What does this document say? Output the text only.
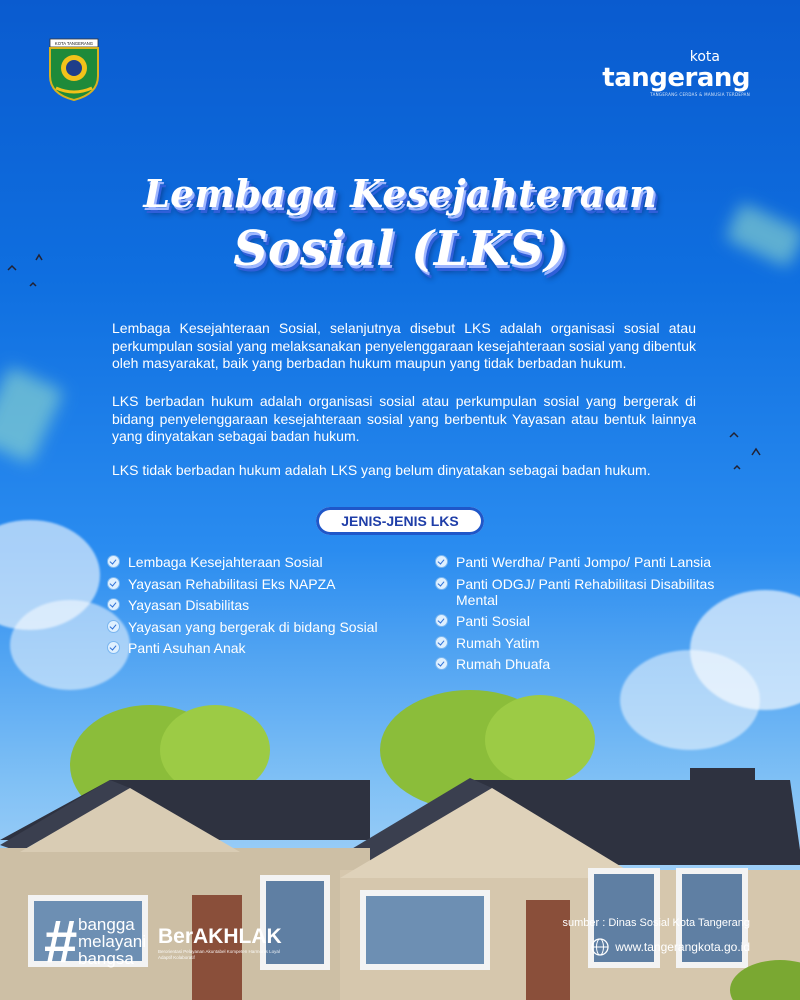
KOTA TANGERANG
kota
tangerang
TANGERANG CERDAS & MANUSIA TERDEPAN
Lembaga Kesejahteraan
Sosial (LKS)
Lembaga Kesejahteraan Sosial, selanjutnya disebut LKS adalah organisasi sosial atau perkumpulan sosial yang melaksanakan penyelenggaraan kesejahteraan sosial yang dibentuk oleh masyarakat, baik yang berbadan hukum maupun yang tidak berbadan hukum.
LKS berbadan hukum adalah organisasi sosial atau perkumpulan sosial yang bergerak di bidang penyelenggaraan kesejahteraan sosial yang berbentuk Yayasan atau bentuk lainnya yang dinyatakan sebagai badan hukum.
LKS tidak berbadan hukum adalah LKS yang belum dinyatakan sebagai badan hukum.
JENIS-JENIS LKS
Lembaga Kesejahteraan Sosial
Yayasan Rehabilitasi Eks NAPZA
Yayasan Disabilitas
Yayasan yang bergerak di bidang Sosial
Panti Asuhan Anak
Panti Werdha/ Panti Jompo/ Panti Lansia
Panti ODGJ/ Panti Rehabilitasi Disabilitas Mental
Panti Sosial
Rumah Yatim
Rumah Dhuafa
# bangga
melayani
bangsa
BerAKHLAK
Berorientasi Pelayanan Akuntabel Kompeten Harmonis Loyal Adaptif Kolaboratif
sumber : Dinas Sosial Kota Tangerang
www.tangerangkota.go.id
